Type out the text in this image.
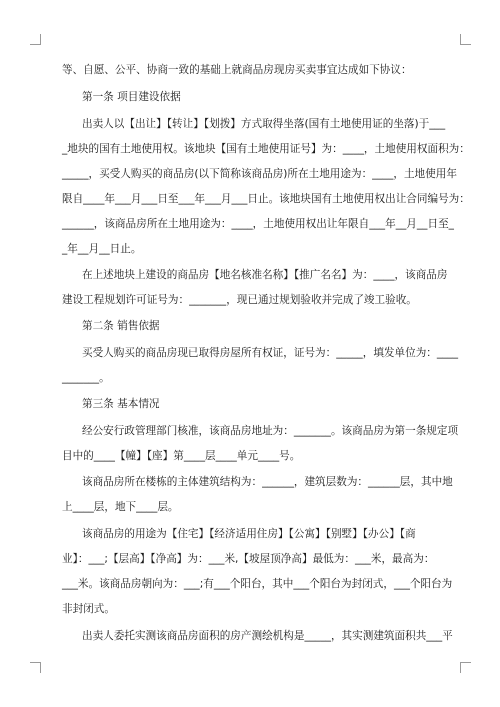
等、自愿、公平、协商一致的基础上就商品房现房买卖事宜达成如下协议：
第一条 项目建设依据
出卖人以【出让】【转让】【划拨】方式取得坐落(国有土地使用证的坐落)于___
_地块的国有土地使用权。该地块【国有土地使用证号】为：____，土地使用权面积为：
_____，买受人购买的商品房(以下简称该商品房)所在土地用途为：____，土地使用年
限自____年___月___日至___年___月___日止。该地块国有土地使用权出让合同编号为：
______，该商品房所在土地用途为：____，土地使用权出让年限自___年__月__日至_
_年__月__日止。
在上述地块上建设的商品房【地名核准名称】【推广名名】为：____，该商品房
建设工程规划许可证号为：_______，现已通过规划验收并完成了竣工验收。
第二条 销售依据
买受人购买的商品房现已取得房屋所有权证，证号为：_____，填发单位为：____
_______。
第三条 基本情况
经公安行政管理部门核准，该商品房地址为：_______。该商品房为第一条规定项
目中的____【幢】【座】第____层____单元____号。
该商品房所在楼栋的主体建筑结构为：______，建筑层数为：______层，其中地
上____层，地下____层。
该商品房的用途为【住宅】【经济适用住房】【公寓】【别墅】【办公】【商
业】：___;【层高】【净高】为：___米,【坡屋顶净高】最低为：___米，最高为：
___米。该商品房朝向为：___;有___个阳台，其中___个阳台为封闭式，___个阳台为
非封闭式。
出卖人委托实测该商品房面积的房产测绘机构是_____，其实测建筑面积共___平
